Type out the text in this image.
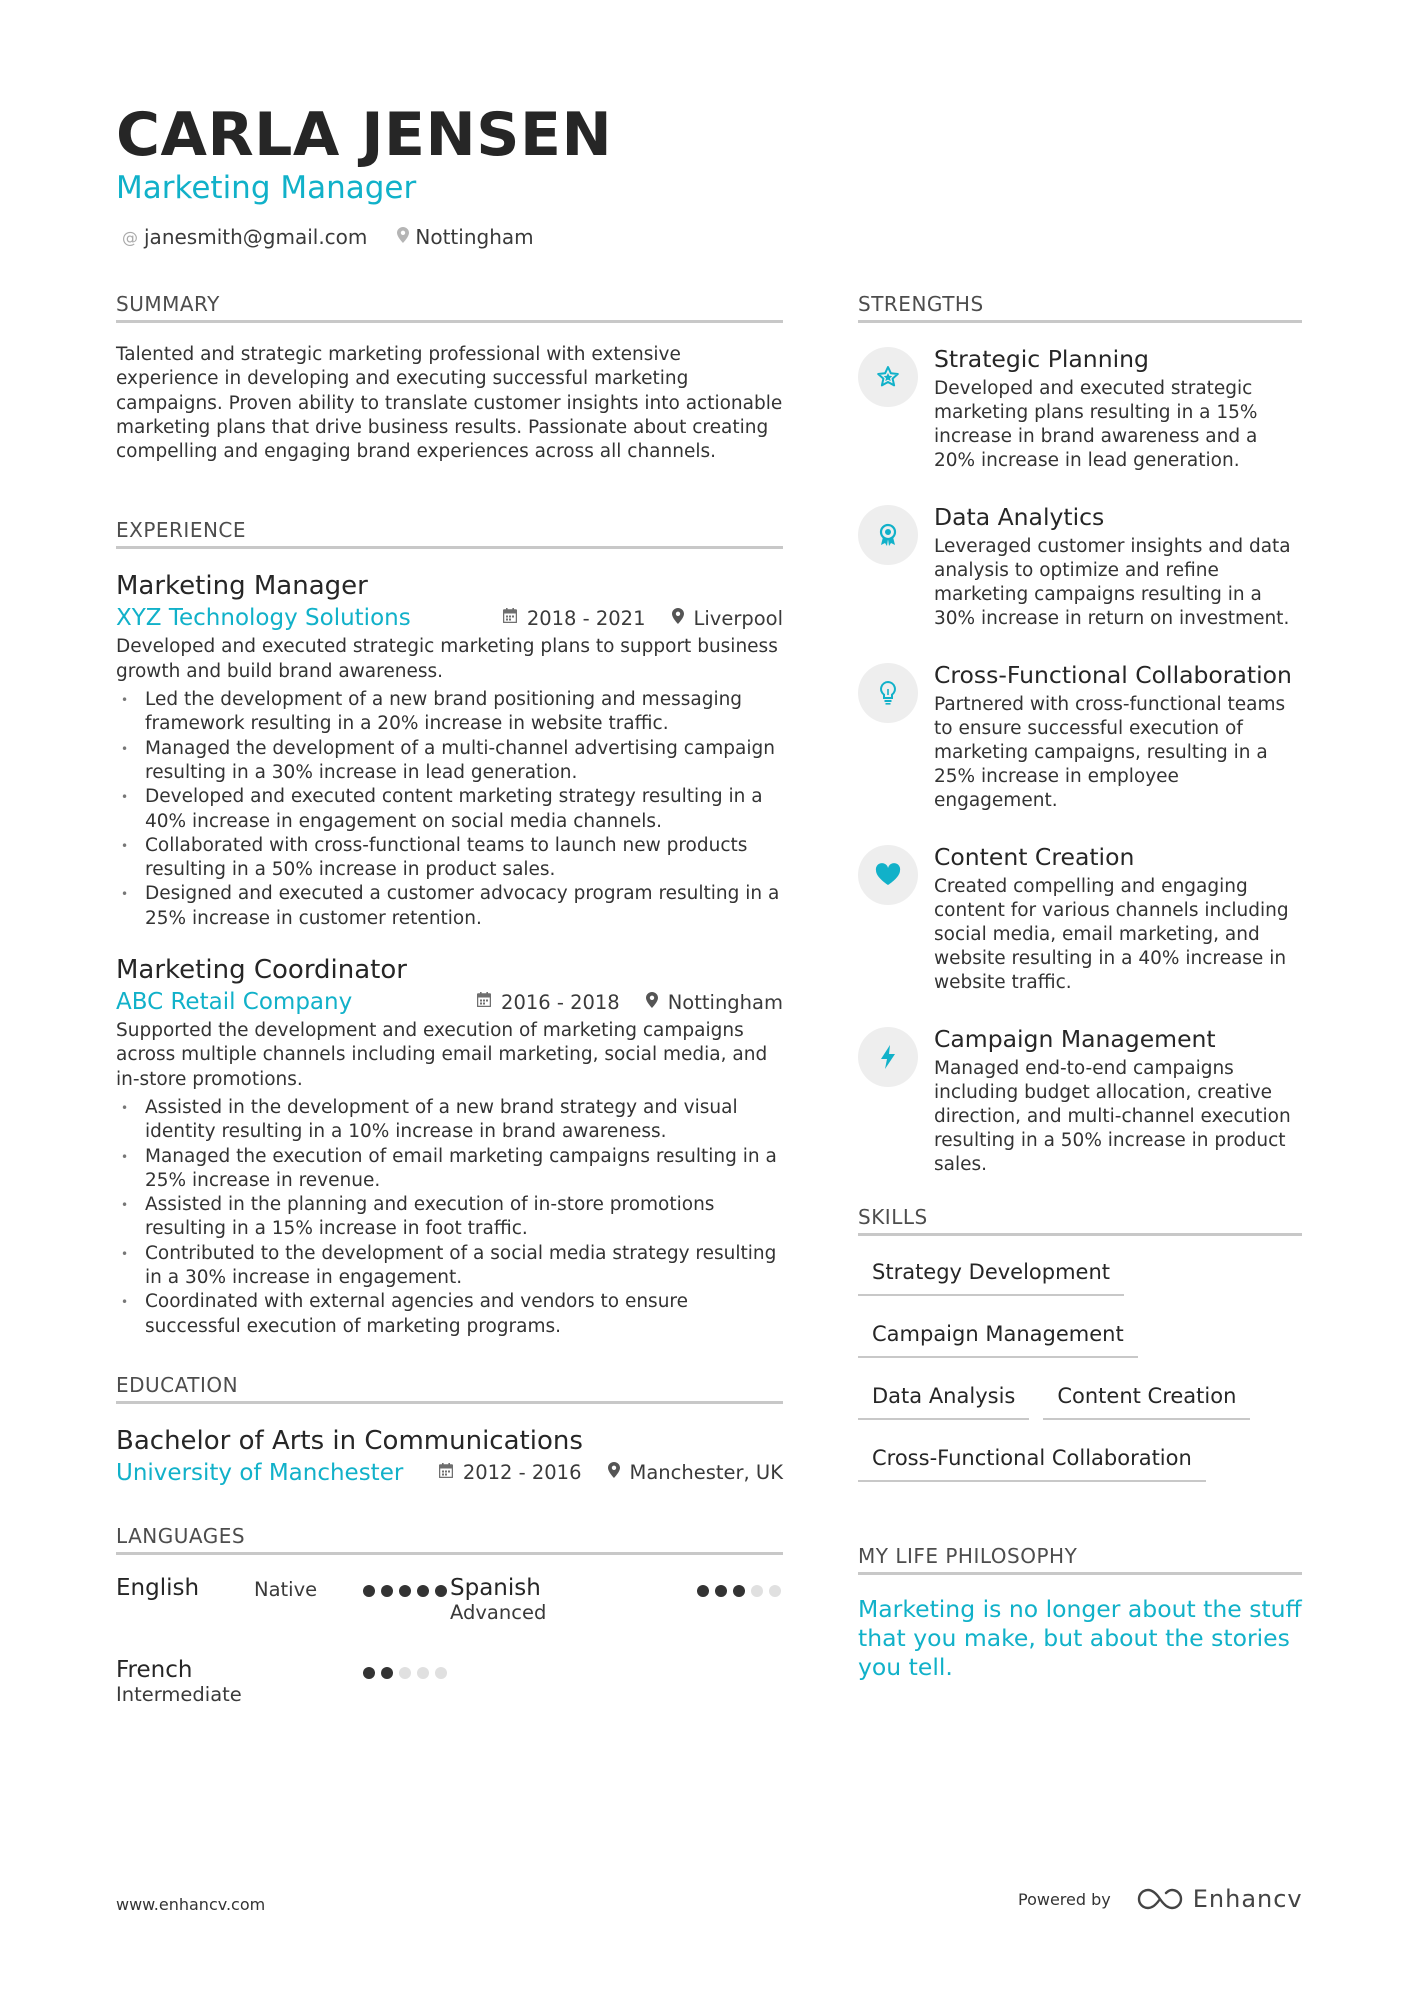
CARLA JENSEN
Marketing Manager
@ janesmith@gmail.com Nottingham
SUMMARY

Talented and strategic marketing professional with extensive experience in developing and executing successful marketing campaigns. Proven ability to translate customer insights into actionable marketing plans that drive business results. Passionate about creating compelling and engaging brand experiences across all channels.

EXPERIENCE
Marketing Manager
XYZ Technology Solutions	2018 - 2021 Liverpool

Developed and executed strategic marketing plans to support business growth and build brand awareness.

• Led the development of a new brand positioning and messaging framework resulting in a 20% increase in website traffic.
• Managed the development of a multi-channel advertising campaign resulting in a 30% increase in lead generation.
• Developed and executed content marketing strategy resulting in a 40% increase in engagement on social media channels.
• Collaborated with cross-functional teams to launch new products resulting in a 50% increase in product sales.
• Designed and executed a customer advocacy program resulting in a 25% increase in customer retention.
Marketing Coordinator
ABC Retail Company	2016 - 2018 Nottingham

Supported the development and execution of marketing campaigns across multiple channels including email marketing, social media, and in-store promotions.

• Assisted in the development of a new brand strategy and visual identity resulting in a 10% increase in brand awareness.
• Managed the execution of email marketing campaigns resulting in a 25% increase in revenue.
• Assisted in the planning and execution of in-store promotions resulting in a 15% increase in foot traffic.
• Contributed to the development of a social media strategy resulting in a 30% increase in engagement.
• Coordinated with external agencies and vendors to ensure successful execution of marketing programs.
EDUCATION
Bachelor of Arts in Communications
University of Manchester	2012 - 2016 Manchester, UK
LANGUAGES
English	Native	Spanish
Advanced
French
Intermediate
STRENGTHS
Strategic Planning
Developed and executed strategic marketing plans resulting in a 15% increase in brand awareness and a 20% increase in lead generation.
Data Analytics
Leveraged customer insights and data analysis to optimize and refine marketing campaigns resulting in a 30% increase in return on investment.
Cross-Functional Collaboration
Partnered with cross-functional teams to ensure successful execution of marketing campaigns, resulting in a 25% increase in employee engagement.
Content Creation
Created compelling and engaging content for various channels including social media, email marketing, and website resulting in a 40% increase in website traffic.
Campaign Management
Managed end-to-end campaigns including budget allocation, creative direction, and multi-channel execution resulting in a 50% increase in product sales.
SKILLS
Strategy Development
Campaign Management
Data Analysis	Content Creation
Cross-Functional Collaboration
MY LIFE PHILOSOPHY

Marketing is no longer about the stuff that you make, but about the stories you tell.

www.enhancv.com	Powered by	Enhancv
